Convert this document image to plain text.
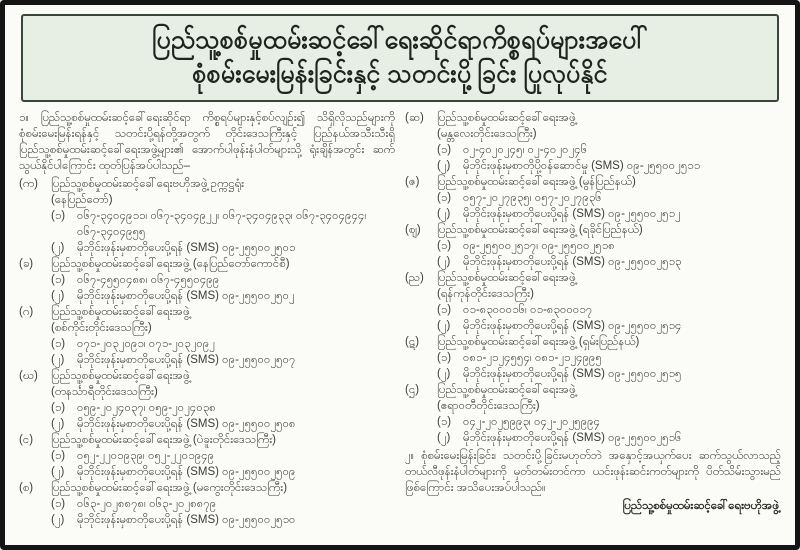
ပြည်သူ့စစ်မှုထမ်းဆင့်ခေါ်ရေးဆိုင်ရာကိစ္စရပ်များအပေါ်
စုံစမ်းမေးမြန်းခြင်းနှင့် သတင်းပို့ခြင်း ပြုလုပ်နိုင်

၁။ ပြည်သူ့စစ်မှုထမ်းဆင့်ခေါ်ရေးဆိုင်ရာ ကိစ္စရပ်များနှင့်စပ်လျဉ်း၍ သိရှိလိုသည်များကို စုံစမ်းမေးမြန်းရန်နှင့် သတင်းပို့ရန်တို့အတွက် တိုင်းဒေသကြီးနှင့် ပြည်နယ်အသီးသီးရှိ ပြည်သူ့စစ်မှုထမ်းဆင့်ခေါ်ရေးအဖွဲ့များ၏ အောက်ပါဖုန်းနံပါတ်များသို့ ရုံးချိန်အတွင်း ဆက်သွယ်နိုင်ပါကြောင်း ထုတ်ပြန်အပ်ပါသည်–

(က)	ပြည်သူ့စစ်မှုထမ်းဆင့်ခေါ်ရေးဗဟိုအဖွဲ့ ဥက္ကဋ္ဌရုံး
(နေပြည်တော်)
(၁)	၀၆၇-၃၄၀၄၉၁၁၊ ၀၆၇-၃၄၀၄၉၂၂၊ ၀၆၇-၃၄၀၄၉၃၃၊ ၀၆၇-၃၄၀၄၉၄၄၊ ၀၆၇-၃၄၀၄၉၅၅
(၂)	မိုဘိုင်းဖုန်းမှစာတိုပေးပို့ရန် (SMS) ၀၉-၂၅၅၀၀၂၅၀၁
(ခ)	ပြည်သူ့စစ်မှုထမ်းဆင့်ခေါ်ရေးအဖွဲ့ (နေပြည်တော်ကောင်စီ)
(၁)	၀၆၇-၄၅၅၀၄၈၈၊ ၀၆၇-၄၅၅၀၄၉၉
(၂)	မိုဘိုင်းဖုန်းမှစာတိုပေးပို့ရန် (SMS) ၀၉-၂၅၅၀၀၂၅၀၂
(ဂ)	ပြည်သူ့စစ်မှုထမ်းဆင့်ခေါ်ရေးအဖွဲ့
(စစ်ကိုင်းတိုင်းဒေသကြီး)
(၁)	၀၇၁-၂၀၃၂၀၉၁၊ ၀၇၁-၂၀၃၂၀၉၂
(၂)	မိုဘိုင်းဖုန်းမှစာတိုပေးပို့ရန် (SMS) ၀၉-၂၅၅၀၀၂၅၀၇
(ဃ)	ပြည်သူ့စစ်မှုထမ်းဆင့်ခေါ်ရေးအဖွဲ့
(တနင်္သာရီတိုင်းဒေသကြီး)
(၁)	၀၅၉-၂၀၂၄၀၃၇၊ ၀၅၉-၂၀၂၄၀၃၈
(၂)	မိုဘိုင်းဖုန်းမှစာတိုပေးပို့ရန် (SMS) ၀၉-၂၅၅၀၀၂၅၀၈
(င)	ပြည်သူ့စစ်မှုထမ်းဆင့်ခေါ်ရေးအဖွဲ့ (ပဲခူးတိုင်းဒေသကြီး)
(၁)	၀၅၂-၂၂၀၁၉၃၉၊ ၀၅၂-၂၂၀၁၉၄၉
(၂)	မိုဘိုင်းဖုန်းမှစာတိုပေးပို့ရန် (SMS) ၀၉-၂၅၅၀၀၂၅၀၉
(စ)	ပြည်သူ့စစ်မှုထမ်းဆင့်ခေါ်ရေးအဖွဲ့ (မကွေးတိုင်းဒေသကြီး)
(၁)	၀၆၃-၂၀၂၈၈၇၈၊ ၀၆၃-၂၀၂၈၈၇၉
(၂)	မိုဘိုင်းဖုန်းမှစာတိုပေးပို့ရန် (SMS) ၀၉-၂၅၅၀၀၂၅၁၀
(ဆ)	ပြည်သူ့စစ်မှုထမ်းဆင့်ခေါ်ရေးအဖွဲ့
(မန္တလေးတိုင်းဒေသကြီး)
(၁)	၀၂-၄၀၂၀၂၄၅၊ ၀၂-၄၀၂၀၂၄၆
(၂)	မိုဘိုင်းဖုန်းမှစာတိုပို့ဝန်ဆောင်မှု (SMS) ၀၉-၂၅၅၀၀၂၅၁၁
(ဇ)	ပြည်သူ့စစ်မှုထမ်းဆင့်ခေါ်ရေးအဖွဲ့ (မွန်ပြည်နယ်)
(၁)	၀၅၇-၂၀၂၇၉၃၅၊ ၀၅၇-၂၀၂၇၉၃၆
(၂)	မိုဘိုင်းဖုန်းမှစာတိုပေးပို့ရန် (SMS) ၀၉-၂၅၅၀၀၂၅၁၂
(ဈ)	ပြည်သူ့စစ်မှုထမ်းဆင့်ခေါ်ရေးအဖွဲ့ (ရခိုင်ပြည်နယ်)
(၁)	၀၉-၂၅၅၀၀၂၅၁၇၊ ၀၉-၂၅၅၀၀၂၅၁၈
(၂)	မိုဘိုင်းဖုန်းမှစာတိုပေးပို့ရန် (SMS) ၀၉-၂၅၅၀၀၂၅၁၃
(ည)	ပြည်သူ့စစ်မှုထမ်းဆင့်ခေါ်ရေးအဖွဲ့
(ရန်ကုန်တိုင်းဒေသကြီး)
(၁)	၀၁-၈၃၀၀၀၁၆၊ ၀၁-၈၃၀၀၀၁၇
(၂)	မိုဘိုင်းဖုန်းမှစာတိုပေးပို့ရန် (SMS) ၀၉-၂၅၅၀၀၂၅၁၄
(ဋ)	ပြည်သူ့စစ်မှုထမ်းဆင့်ခေါ်ရေးအဖွဲ့ (ရှမ်းပြည်နယ်)
(၁)	၀၈၁-၂၁၂၄၅၅၄၊ ၀၈၁-၂၁၂၄၉၉၅
(၂)	မိုဘိုင်းဖုန်းမှစာတိုပေးပို့ရန် (SMS) ၀၉-၂၅၅၀၀၂၅၁၅
(ဌ)	ပြည်သူ့စစ်မှုထမ်းဆင့်ခေါ်ရေးအဖွဲ့
(ဧရာဝတီတိုင်းဒေသကြီး)
(၁)	၀၄၂-၂၀၂၅၉၉၃၊ ၀၄၂-၂၀၂၅၉၉၄
(၂)	မိုဘိုင်းဖုန်းမှစာတိုပေးပို့ရန် (SMS) ၀၉-၂၅၅၀၀၂၅၁၆

၂။ စုံစမ်းမေးမြန်းခြင်း၊ သတင်းပို့ခြင်းမဟုတ်ဘဲ အနှောင့်အယှက်ပေး ဆက်သွယ်လာသည့်တယ်လီဖုန်းနံပါတ်များကို မှတ်တမ်းတင်ကာ ယင်းဖုန်းဆင်းကတ်များကို ပိတ်သိမ်းသွားမည်ဖြစ်ကြောင်း အသိပေးအပ်ပါသည်။

ပြည်သူ့စစ်မှုထမ်းဆင့်ခေါ်ရေးဗဟိုအဖွဲ့
